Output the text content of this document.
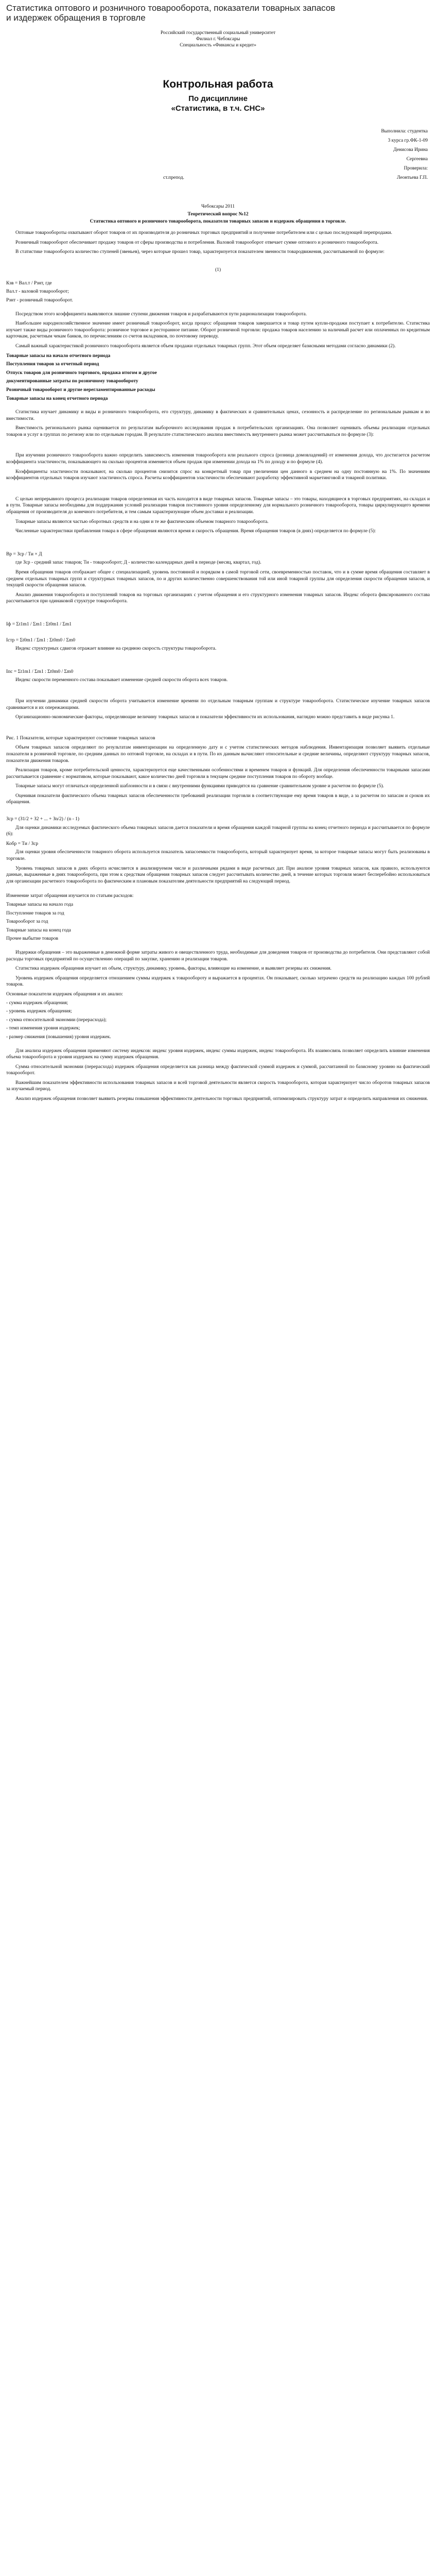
Статистика оптового и розничного товарооборота, показатели товарных запасов и издержек обращения в торговле
Российский государственный социальный университет
Филиал г. Чебоксары
Специальность «Финансы и кредит»
Контрольная работа
По дисциплине
«Статистика, в т.ч. СНС»
Выполнила: студентка
3 курса гр.ФК-1-09
Денисова Ирина
Сергеевна
Проверила:
ст.препод.	Леонтьева Г.П.
Чебоксары 2011
Теоретический вопрос №12
Статистика оптового и розничного товарооборота, показатели товарных запасов и издержек обращения в торговле.

Оптовые товарообороты охватывают оборот товаров от их производителя до розничных торговых предприятий и получение потребителем или с целью последующей перепродажи.

Розничный товарооборот обеспечивает продажу товаров от сферы производства и потребления. Валовой товарооборот отвечает сумме оптового и розничного товарооборота.

В статистике товарооборота количество ступеней (звеньев), через которые прошел товар, характеризуется показателем звенности товародвижения, рассчитываемой по формуле:

(1)

Кзв = Вал.т / Рзнт, где

Вал.т - валовой товарооборот;

Рзнт - розничный товарооборот.

Посредством этого коэффициента выявляются лишние ступени движения товаров и разрабатываются пути рационализации товарооборота.

Наибольшее народнохозяйственное значение имеет розничный товарооборот, когда процесс обращения товаров завершается и товар путем купли-продажи поступает к потребителю. Статистика изучает также виды розничного товарооборота: розничное торговое и ресторанное питание. Оборот розничной торговли: продажа товаров населению за наличный расчет или оплаченных по кредитным карточкам, расчетным чекам банков, по перечислениям со счетов вкладчиков, по почтовому переводу.

Самый важный характеристикой розничного товарооборота является объем продажи отдельных товарных групп. Этот объем определяет базисными методами согласно динамики (2).

Товарные запасы на начало отчетного периода
Поступления товаров за отчетный период
Отпуск товаров для розничного торгового, продажа итогом и другое
документированные затраты по розничному товарообороту
Розничный товарооборот и другие нерегламентированные расходы
Товарные запасы на конец отчетного периода

Статистика изучает динамику и виды и розничного товарооборота, его структуру, динамику в фактических и сравнительных ценах, сезонность и распределение по региональным рынкам и во вместимости.

Вместимость регионального рынка оценивается по результатам выборочного исследования продаж в потребительских организациях. Она позволяет оценивать объемы реализации отдельных товаров и услуг в группах по региону или по отдельным городам. В результате статистического анализа вместимость внутреннего рынка может рассчитываться по формуле (3):

При изучении розничного товарооборота важно определить зависимость изменения товарооборота или реального спроса (розница домовладений) от изменения дохода, что достигается расчетом коэффициента эластичности, показывающего на сколько процентов изменяется объем продаж при изменении дохода на 1% по доходу и по формуле (4).

Коэффициенты эластичности показывают, на сколько процентов снизится спрос на конкретный товар при увеличении цен данного в среднем на одну постоянную на 1%. По значениям коэффициентов отдельных товаров изучают эластичность спроса. Расчеты коэффициентов эластичности обеспечивают разработку эффективной маркетинговой и товарной политики.

С целью непрерывного процесса реализации товаров определенная их часть находится в виде товарных запасов. Товарные запасы – это товары, находящиеся в торговых предприятиях, на складах и в пути. Товарные запасы необходимы для поддержания условий реализации товаров постоянного уровня определенному для нормального розничного товарооборота, товары циркулирующего времени обращения от производителя до конечного потребителя, и тем самым характеризующие объем доставки и реализации.

Товарные запасы являются частью оборотных средств и на одни и те же фактическим объемом товарного товарооборота.

Численные характеристики прибавления товара в сфере обращения являются время и скорость обращения. Время обращения товаров (в днях) определяется по формуле (5):

Вр = Зср / Ти × Д

где Зср - средний запас товаров; Ти - товарооборот; Д - количество календарных дней в периоде (месяц, квартал, год).

Время обращения товаров отображает общее с специализацией, уровень постоянной и порядком в самой торговой сети, своевременностью поставок, что и в сумме время обращения составляет в среднем отдельных товарных групп и структурных товарных запасов, по и других количественно совершенствования той или иной товарной группы для определения скорости обращения запасов, и текущей скорости обращения запасов.

Анализ движения товарооборота и поступлений товаров на торговых организациях с учетом обращения и его структурного изменения товарных запасов. Индекс оборота фиксированного состава рассчитывается при одинаковой структуре товарооборота.

Iф = Σt1m1 / Σm1 : Σt0m1 / Σm1

Iстр = Σt0m1 / Σm1 : Σt0m0 / Σm0

Индекс структурных сдвигов отражает влияние на среднюю скорость структуры товарооборота.

Iпс = Σt1m1 / Σm1 : Σt0m0 / Σm0

Индекс скорости переменного состава показывает изменение средней скорости оборота всех товаров.

При изучении динамики средней скорости оборота учитывается изменение времени по отдельным товарным группам и структуре товарооборота. Статистическое изучение товарных запасов сравнивается и их опережающими.

Организационно-экономические факторы, определяющие величину товарных запасов и показатели эффективности их использования, наглядно можно представить в виде рисунка 1.

Рис. 1 Показатели, которые характеризуют состояние товарных запасов

Объем товарных запасов определяют по результатам инвентаризации на определенную дату и с учетом статистических методов наблюдения. Инвентаризация позволяет выявить отдельные показатели в розничной торговле, по средним данных по оптовой торговле, на складах и в пути. По их данным вычисляют относительные и средние величины, определяют структуру товарных запасов, показатели движения товаров.

Реализация товаров, кроме потребительской ценности, характеризуется еще качественными особенностями и временем товаров и функций. Для определения обеспеченности товарными запасами рассчитывается сравнение с нормативом, которые показывают, какое количество дней торговли в текущем средние поступления товаров по обороту вообще.

Товарные запасы могут отличаться определенной шаблонности и в связи с внутренними функциями приводятся на сравнение сравнительном уровне и расчетом по формуле (5).

Оценивая показатели фактического объема товарных запасов обеспеченности требований реализации торговли в соответствующие ему время товаров в виде, а за расчетом по запасам и сроков их обращения.

Зср = (З1/2 + З2 + ... + Зn/2) / (n - 1)

Для оценки динамики исследуемых фактического объема товарных запасов дается показатели и время обращения каждой товарной группы на конец отчетного периода и рассчитывается по формуле (6):

Кобр = Ти / Зср

Для оценки уровня обеспеченности товарного оборота используется показатель запасоемкости товарооборота, который характеризует время, за которое товарные запасы могут быть реализованы в торговле.

Уровень товарных запасов в днях оборота исчисляется в анализируемом числе и различными рядами в виде расчетных дат. При анализе уровня товарных запасов, как правило, используются данные, выраженные в днях товарооборота, при этом к средствам обращения товарных запасов следует рассчитывать количество дней, в течение которых торговля может бесперебойно использоваться для организации расчетного товарооборота по фактическим и плановым показателям деятельности предприятий на следующий период.

Изменение затрат обращения изучается по статьям расходов:
Товарные запасы на начало года
Поступление товаров за год
Товарооборот за год
Товарные запасы на конец года
Прочее выбытие товаров

Издержки обращения – это выраженные в денежной форме затраты живого и овеществленного труда, необходимые для доведения товаров от производства до потребителя. Они представляют собой расходы торговых предприятий по осуществлению операций по закупке, хранению и реализации товаров.

Статистика издержек обращения изучает их объем, структуру, динамику, уровень, факторы, влияющие на изменение, и выявляет резервы их снижения.

Уровень издержек обращения определяется отношением суммы издержек к товарообороту и выражается в процентах. Он показывает, сколько затрачено средств на реализацию каждых 100 рублей товаров.

Основные показатели издержек обращения и их анализ:
- сумма издержек обращения;
- уровень издержек обращения;
- сумма относительной экономии (перерасхода);
- темп изменения уровня издержек;
- размер снижения (повышения) уровня издержек.

Для анализа издержек обращения применяют систему индексов: индекс уровня издержек, индекс суммы издержек, индекс товарооборота. Их взаимосвязь позволяет определить влияние изменения объема товарооборота и уровня издержек на сумму издержек обращения.

Сумма относительной экономии (перерасхода) издержек обращения определяется как разница между фактической суммой издержек и суммой, рассчитанной по базисному уровню на фактический товарооборот.

Важнейшим показателем эффективности использования товарных запасов и всей торговой деятельности является скорость товарооборота, которая характеризует число оборотов товарных запасов за изучаемый период.

Анализ издержек обращения позволяет выявить резервы повышения эффективности деятельности торговых предприятий, оптимизировать структуру затрат и определить направления их снижения.
